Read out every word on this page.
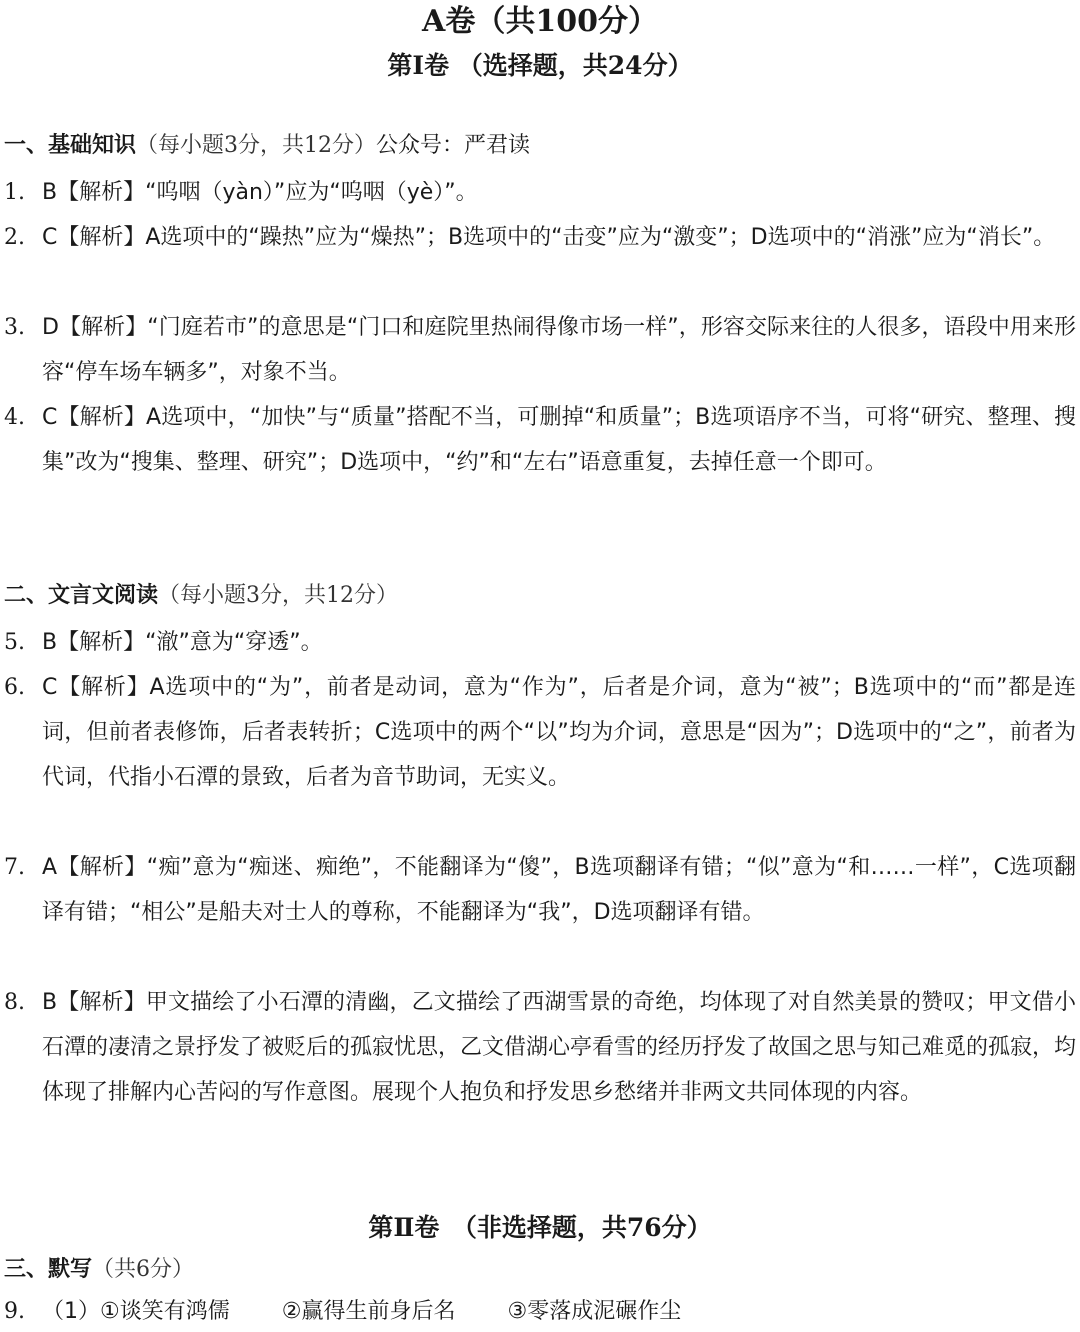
A卷（共100分）
第Ⅰ卷 （选择题，共24分）
一、基础知识（每小题3分，共12分）公众号：严君读
1. B【解析】“呜咽（yàn）”应为“呜咽（yè）”。
2. C【解析】A选项中的“躁热”应为“燥热”；B选项中的“击变”应为“激变”；D选项中的“消涨”应为“消长”。
3. D【解析】“门庭若市”的意思是“门口和庭院里热闹得像市场一样”，形容交际来往的人很多，语段中用来形容“停车场车辆多”，对象不当。
4. C【解析】A选项中，“加快”与“质量”搭配不当，可删掉“和质量”；B选项语序不当，可将“研究、整理、搜集”改为“搜集、整理、研究”；D选项中，“约”和“左右”语意重复，去掉任意一个即可。
二、文言文阅读（每小题3分，共12分）
5. B【解析】“澈”意为“穿透”。
6. C【解析】A选项中的“为”，前者是动词，意为“作为”，后者是介词，意为“被”；B选项中的“而”都是连词，但前者表修饰，后者表转折；C选项中的两个“以”均为介词，意思是“因为”；D选项中的“之”，前者为代词，代指小石潭的景致，后者为音节助词，无实义。
7. A【解析】“痴”意为“痴迷、痴绝”，不能翻译为“傻”，B选项翻译有错；“似”意为“和……一样”，C选项翻译有错；“相公”是船夫对士人的尊称，不能翻译为“我”，D选项翻译有错。
8. B【解析】甲文描绘了小石潭的清幽，乙文描绘了西湖雪景的奇绝，均体现了对自然美景的赞叹；甲文借小石潭的凄清之景抒发了被贬后的孤寂忧思，乙文借湖心亭看雪的经历抒发了故国之思与知己难觅的孤寂，均体现了排解内心苦闷的写作意图。展现个人抱负和抒发思乡愁绪并非两文共同体现的内容。
第Ⅱ卷　（非选择题，共76分）
三、默写（共6分）
9. （1）①谈笑有鸿儒 ②赢得生前身后名 ③零落成泥碾作尘
